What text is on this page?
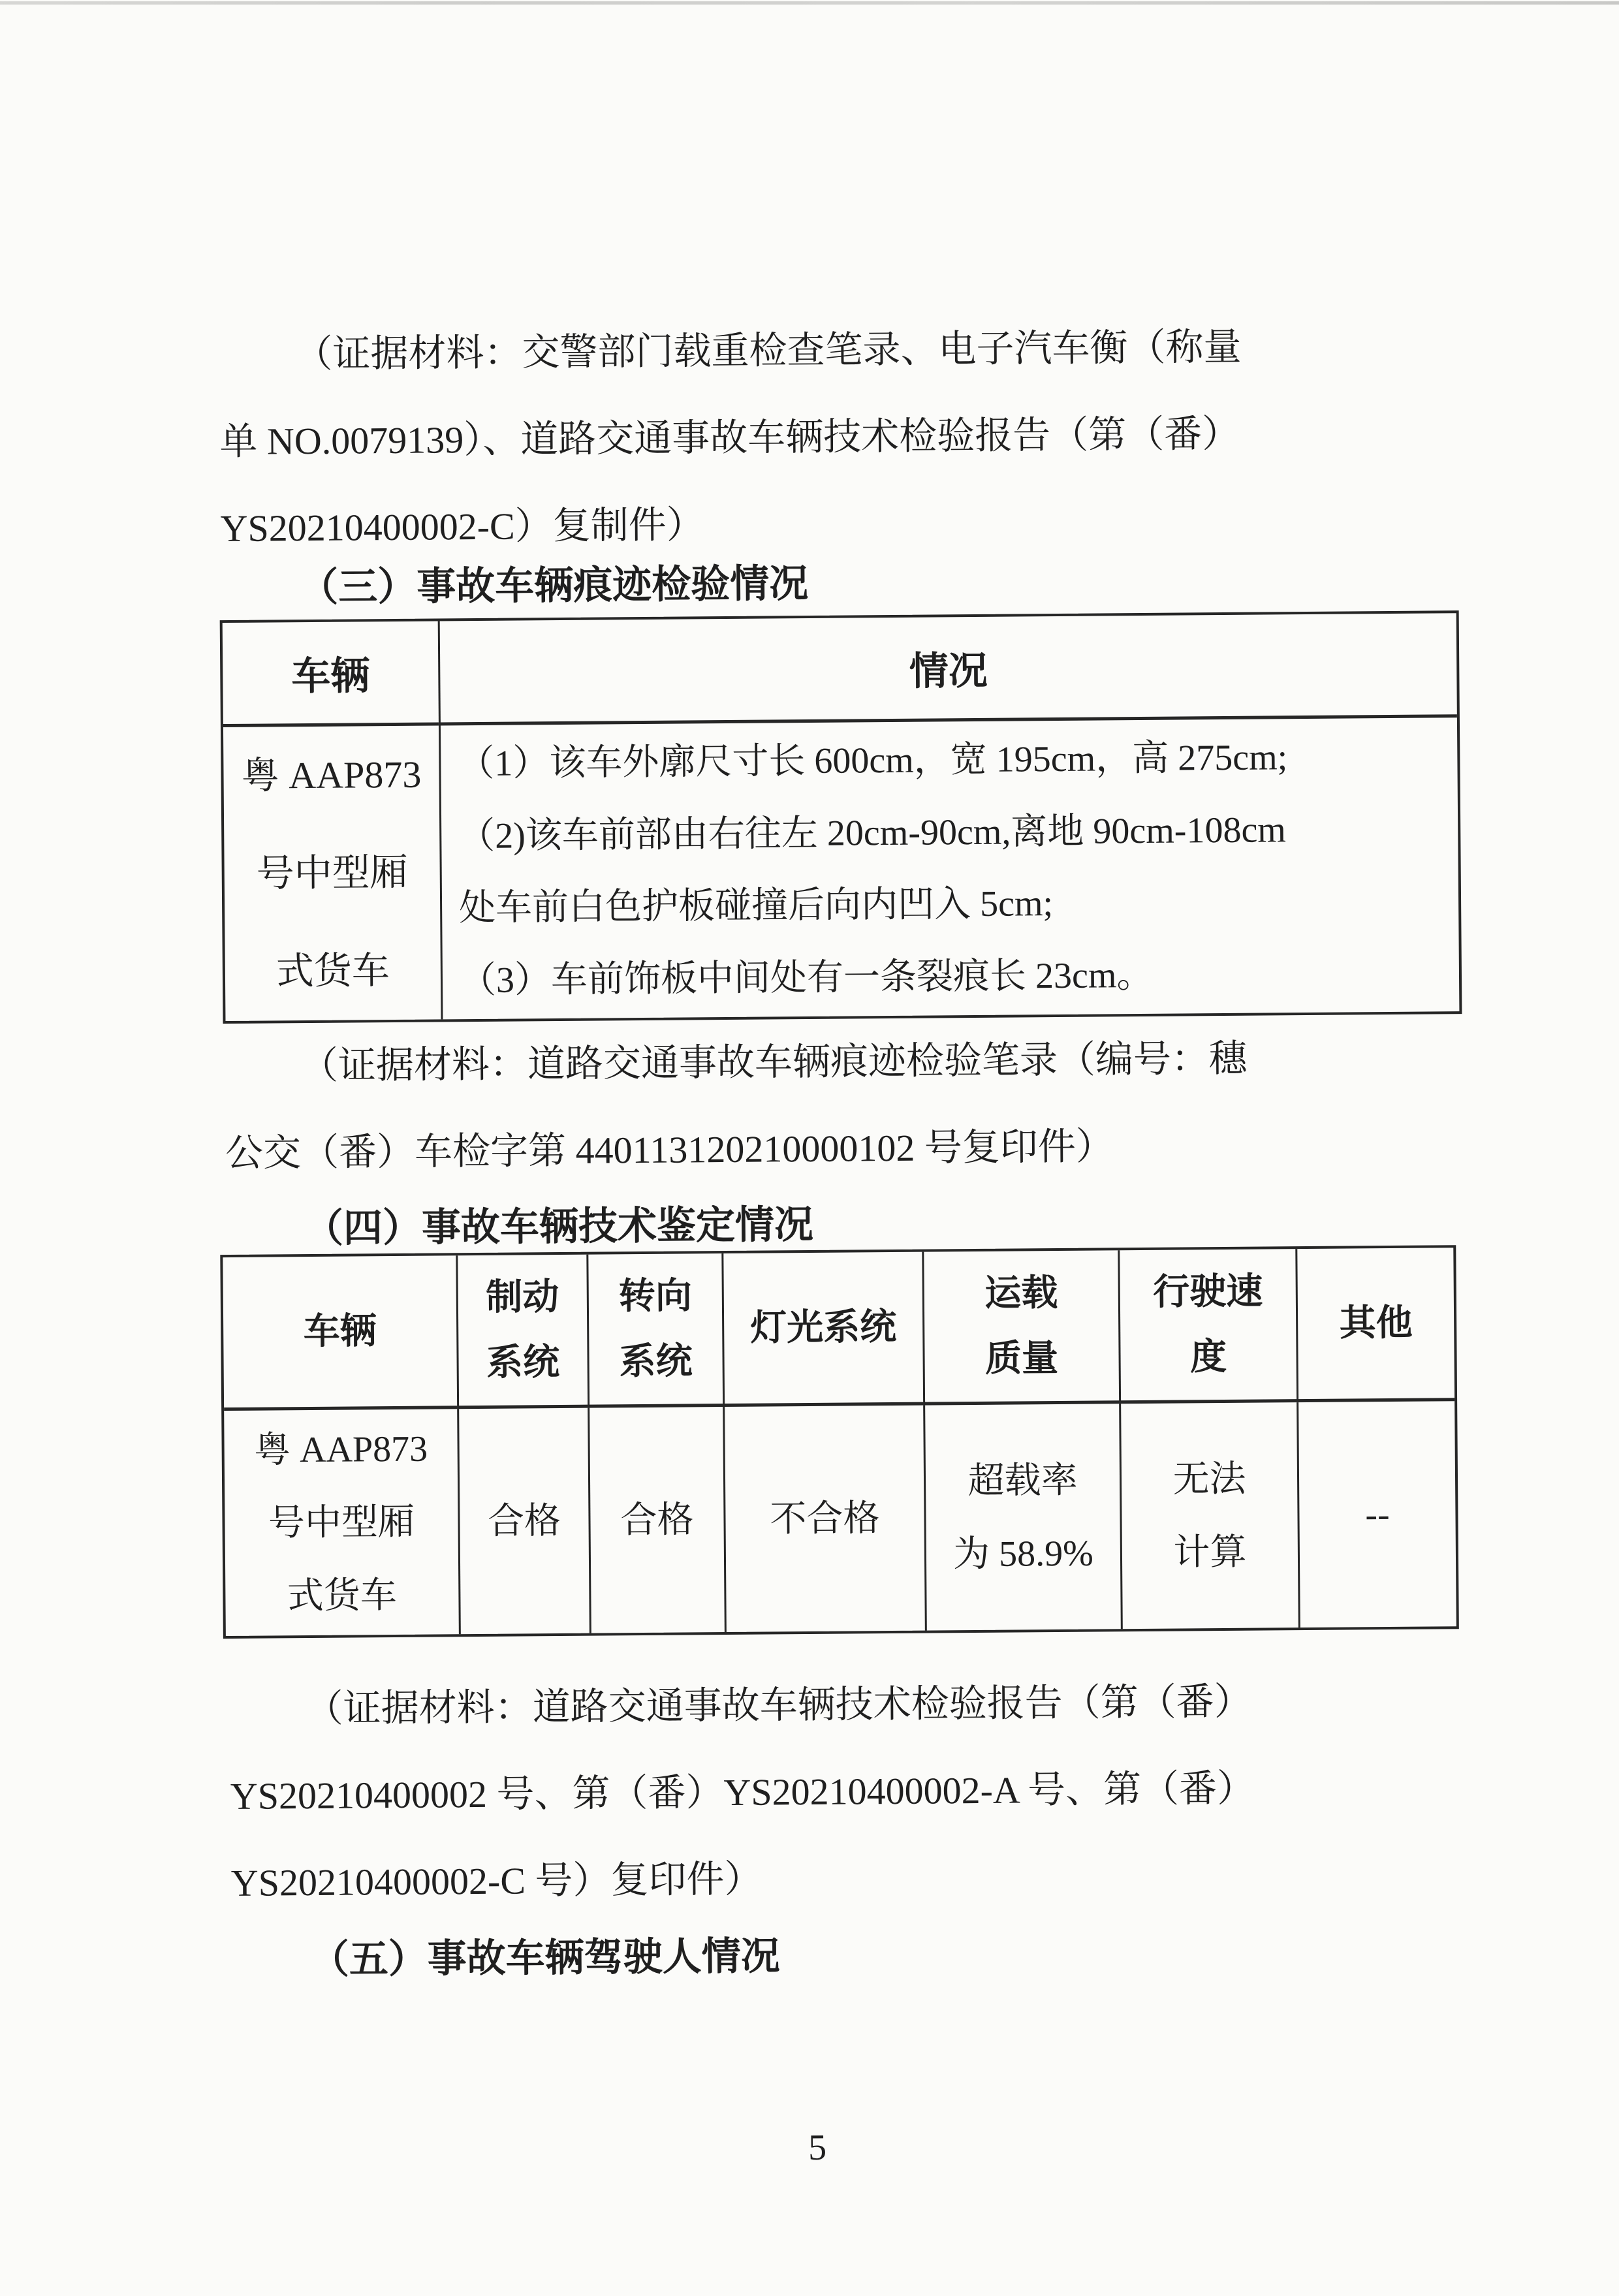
（证据材料：交警部门载重检查笔录、电子汽车衡（称量
单 NO.0079139）、道路交通事故车辆技术检验报告（第（番）
YS20210400002-C）复制件）
（三）事故车辆痕迹检验情况
车辆	情况
粤 AAP873
号中型厢
式货车
（1）该车外廓尺寸长 600cm，宽 195cm，高 275cm;
（2)该车前部由右往左 20cm-90cm,离地 90cm-108cm
处车前白色护板碰撞后向内凹入 5cm;
（3）车前饰板中间处有一条裂痕长 23cm。
（证据材料：道路交通事故车辆痕迹检验笔录（编号：穗
公交（番）车检字第 440113120210000102 号复印件）
（四）事故车辆技术鉴定情况
车辆
制动
系统
转向
系统
灯光系统
运载
质量
行驶速
度
其他
粤 AAP873
号中型厢
式货车
合格 合格 不合格
超载率
为 58.9%
无法
计算
--
（证据材料：道路交通事故车辆技术检验报告（第（番）
YS20210400002 号、第（番）YS20210400002-A 号、第（番）
YS20210400002-C 号）复印件）
（五）事故车辆驾驶人情况
5
